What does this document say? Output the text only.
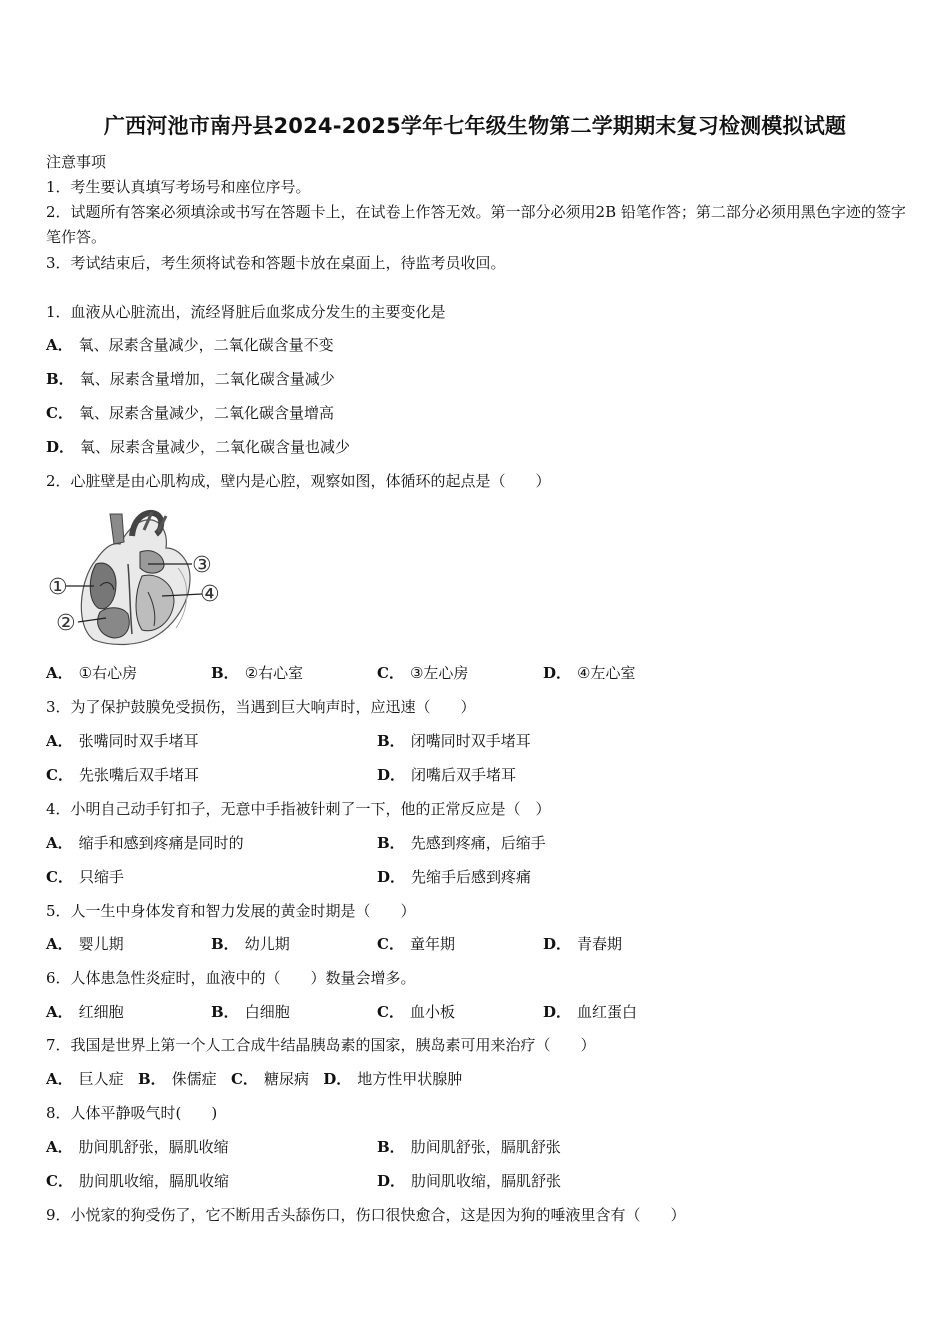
广西河池市南丹县2024-2025学年七年级生物第二学期期末复习检测模拟试题
注意事项
1．考生要认真填写考场号和座位序号。
2．试题所有答案必须填涂或书写在答题卡上，在试卷上作答无效。第一部分必须用2B 铅笔作答；第二部分必须用黑色字迹的签字笔作答。
3．考试结束后，考生须将试卷和答题卡放在桌面上，待监考员收回。
1．血液从心脏流出，流经肾脏后血浆成分发生的主要变化是
A． 氧、尿素含量减少，二氧化碳含量不变
B． 氧、尿素含量增加，二氧化碳含量减少
C． 氧、尿素含量减少，二氧化碳含量增高
D． 氧、尿素含量减少，二氧化碳含量也减少
2．心脏壁是由心肌构成，壁内是心腔，观察如图，体循环的起点是（　　）
①
②
③
④
A． ①右心房	B． ②右心室	C． ③左心房	D． ④左心室
3．为了保护鼓膜免受损伤，当遇到巨大响声时，应迅速（　　）
A． 张嘴同时双手堵耳	B． 闭嘴同时双手堵耳
C． 先张嘴后双手堵耳	D． 闭嘴后双手堵耳
4．小明自己动手钉扣子，无意中手指被针刺了一下，他的正常反应是（　）
A． 缩手和感到疼痛是同时的	B． 先感到疼痛，后缩手
C． 只缩手	D． 先缩手后感到疼痛
5．人一生中身体发育和智力发展的黄金时期是（　　）
A． 婴儿期	B． 幼儿期	C． 童年期	D． 青春期
6．人体患急性炎症时，血液中的（　　）数量会增多。
A． 红细胞	B． 白细胞	C． 血小板	D． 血红蛋白
7．我国是世界上第一个人工合成牛结晶胰岛素的国家，胰岛素可用来治疗（　　）
A． 巨人症 B． 侏儒症 C． 糖尿病 D． 地方性甲状腺肿
8．人体平静吸气时(　　)
A． 肋间肌舒张，膈肌收缩	B． 肋间肌舒张，膈肌舒张
C． 肋间肌收缩，膈肌收缩	D． 肋间肌收缩，膈肌舒张
9．小悦家的狗受伤了，它不断用舌头舔伤口，伤口很快愈合，这是因为狗的唾液里含有（　　）
